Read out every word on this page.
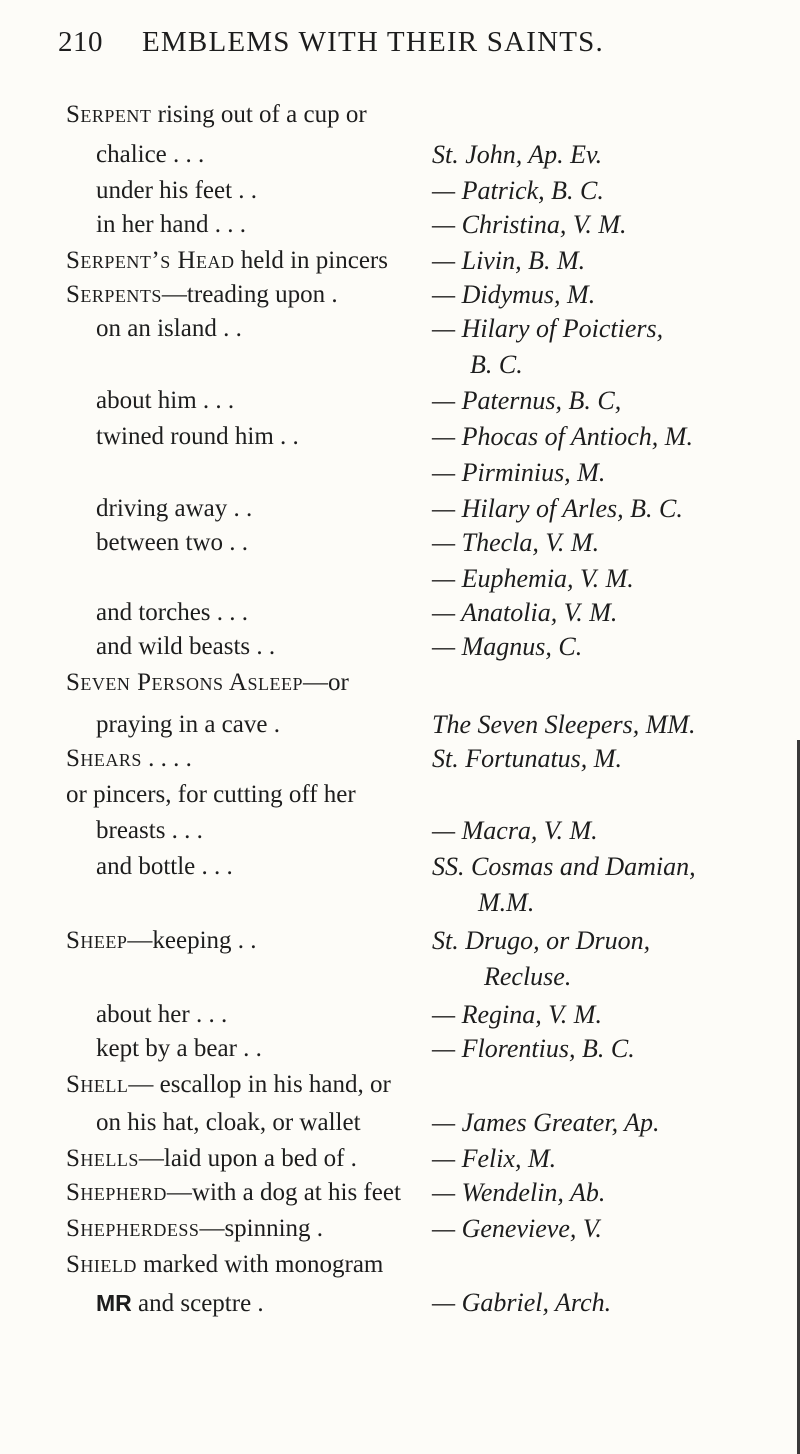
210 EMBLEMS WITH THEIR SAINTS.
Serpent rising out of a cup or
chalice . . .	St. John, Ap. Ev.
under his feet . .	— Patrick, B. C.
in her hand . . .	— Christina, V. M.
Serpent’s Head held in pincers — Livin, B. M.
Serpents—treading upon .	— Didymus, M.
on an island . .	— Hilary of Poictiers,
B. C.
about him . . .	— Paternus, B. C,
twined round him . .	— Phocas of Antioch, M.
— Pirminius, M.
driving away . .	— Hilary of Arles, B. C.
between two . .	— Thecla, V. M.
— Euphemia, V. M.
and torches . . .	— Anatolia, V. M.
and wild beasts . .	— Magnus, C.
Seven Persons Asleep—or
praying in a cave .	The Seven Sleepers, MM.
Shears . . . .	St. Fortunatus, M.
or pincers, for cutting off her
breasts . . .	— Macra, V. M.
and bottle . . .	SS. Cosmas and Damian,
M.M.
Sheep—keeping . .	St. Drugo, or Druon,
Recluse.
about her . . .	— Regina, V. M.
kept by a bear . .	— Florentius, B. C.
Shell— escallop in his hand, or
on his hat, cloak, or wallet	— James Greater, Ap.
Shells—laid upon a bed of .	— Felix, M.
Shepherd—with a dog at his feet — Wendelin, Ab.
Shepherdess—spinning .	— Genevieve, V.
Shield marked with monogram
MR and sceptre .	— Gabriel, Arch.
